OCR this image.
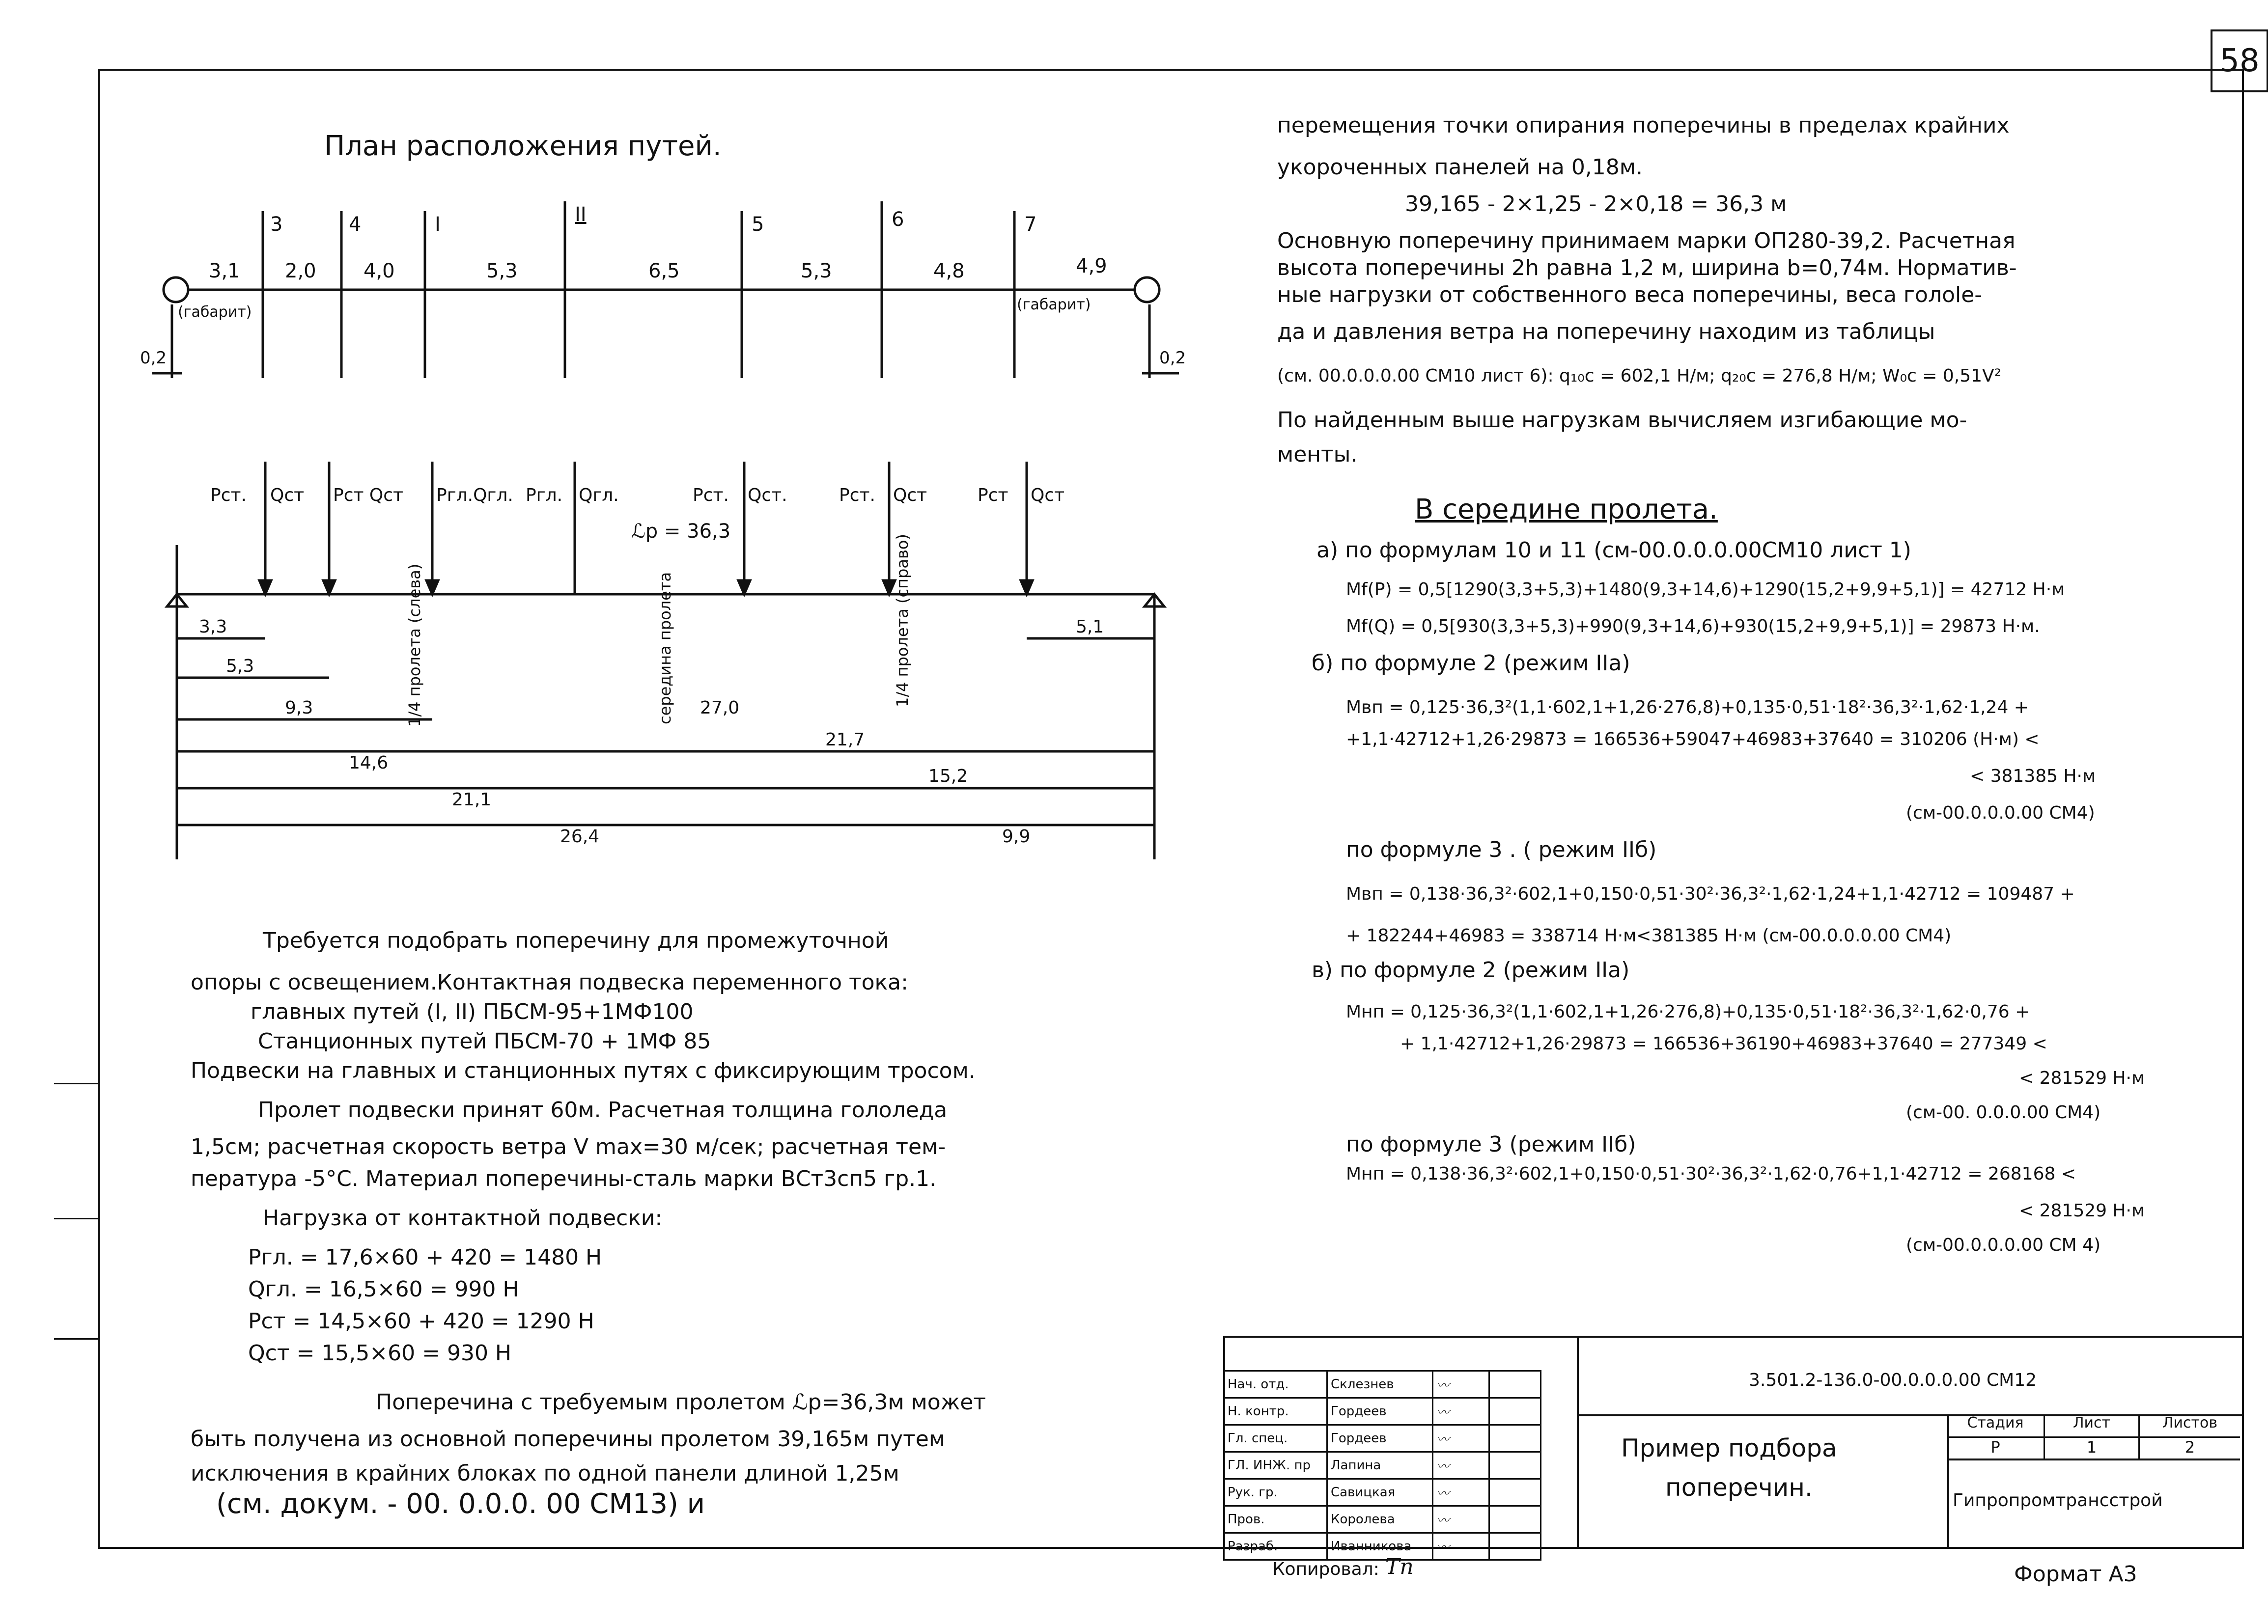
58
План расположения путей.
3	4	I	II	5	6	7
3,1 2,0 4,0	5,3	6,5	5,3	4,8	4,9
(габарит)	(габарит)
0,2	0,2
Рст. Qст Рст Qст Ргл.Qгл. Ргл. Qгл.	Рст. Qст.	Рст. Qст	Рст Qст
ℒр = 36,3
3,3
5,3
9,3	27,0
14,6
21,7
21,1
15,2
26,4	9,9
5,1
1/4 пролета (слева)	середина пролета	1/4 пролета (справо)
Требуется подобрать поперечину для промежуточной
опоры с освещением.Контактная подвеска переменного тока:
главных путей (I, II) ПБСМ-95+1МФ100
Станционных путей ПБСМ-70 + 1МФ 85
Подвески на главных и станционных путях с фиксирующим тросом.
Пролет подвески принят 60м. Расчетная толщина гололеда
1,5см; расчетная скорость ветра V max=30 м/сек; расчетная тем-
пература -5°С. Материал поперечины-сталь марки ВСт3сп5 гр.1.
Нагрузка от контактной подвески:
Ргл. = 17,6×60 + 420 = 1480 Н
Qгл. = 16,5×60 = 990 Н
Рст = 14,5×60 + 420 = 1290 Н
Qст = 15,5×60 = 930 Н
Поперечина с требуемым пролетом ℒр=36,3м может
быть получена из основной поперечины пролетом 39,165м путем
исключения в крайних блоках по одной панели длиной 1,25м
(см. докум. - 00. 0.0.0. 00 СМ13) и
перемещения точки опирания поперечины в пределах крайних
укороченных панелей на 0,18м.
39,165 - 2×1,25 - 2×0,18 = 36,3 м
Основную поперечину принимаем марки ОП280-39,2. Расчетная
высота поперечины 2h равна 1,2 м, ширина b=0,74м. Норматив-
ные нагрузки от собственного веса поперечины, веса голole-
да и давления ветра на поперечину находим из таблицы
(см. 00.0.0.0.00 СМ10 лист 6): q₁₀c = 602,1 Н/м; q₂₀c = 276,8 Н/м; W₀c = 0,51V²
По найденным выше нагрузкам вычисляем изгибающие мо-
менты.
В середине пролета.
а) по формулам 10 и 11 (см-00.0.0.0.00СМ10 лист 1)
Mf(P) = 0,5[1290(3,3+5,3)+1480(9,3+14,6)+1290(15,2+9,9+5,1)] = 42712 Н·м
Mf(Q) = 0,5[930(3,3+5,3)+990(9,3+14,6)+930(15,2+9,9+5,1)] = 29873 Н·м.
б) по формуле 2 (режим IIа)
Mвп = 0,125·36,3²(1,1·602,1+1,26·276,8)+0,135·0,51·18²·36,3²·1,62·1,24 +
+1,1·42712+1,26·29873 = 166536+59047+46983+37640 = 310206 (Н·м) <
< 381385 Н·м
(см-00.0.0.0.00 СМ4)
по формуле 3 . ( режим IIб)
Mвп = 0,138·36,3²·602,1+0,150·0,51·30²·36,3²·1,62·1,24+1,1·42712 = 109487 +
+ 182244+46983 = 338714 Н·м<381385 Н·м (см-00.0.0.0.00 СМ4)
в) по формуле 2 (режим IIа)
Mнп = 0,125·36,3²(1,1·602,1+1,26·276,8)+0,135·0,51·18²·36,3²·1,62·0,76 +
+ 1,1·42712+1,26·29873 = 166536+36190+46983+37640 = 277349 <
< 281529 Н·м
(см-00. 0.0.0.00 СМ4)
по формуле 3 (режим IIб)
Mнп = 0,138·36,3²·602,1+0,150·0,51·30²·36,3²·1,62·0,76+1,1·42712 = 268168 <
< 281529 Н·м
(см-00.0.0.0.00 СМ 4)
Нач. отд.	Склезнев	〰	
Н. контр.	Гордеев	〰	
Гл. спец.	Гордеев	〰	
ГЛ. ИНЖ. пр	Лапина	〰	
Рук. гр.	Савицкая	〰	
Пров.	Королева	〰	
Разраб.	Иванникова	〰	
3.501.2-136.0-00.0.0.0.00 СМ12
Пример подбора
поперечин.
Стадия	Лист	Листов
Р	1	2
Гипропромтрансстрой
Копировал: Тп	Формат А3
